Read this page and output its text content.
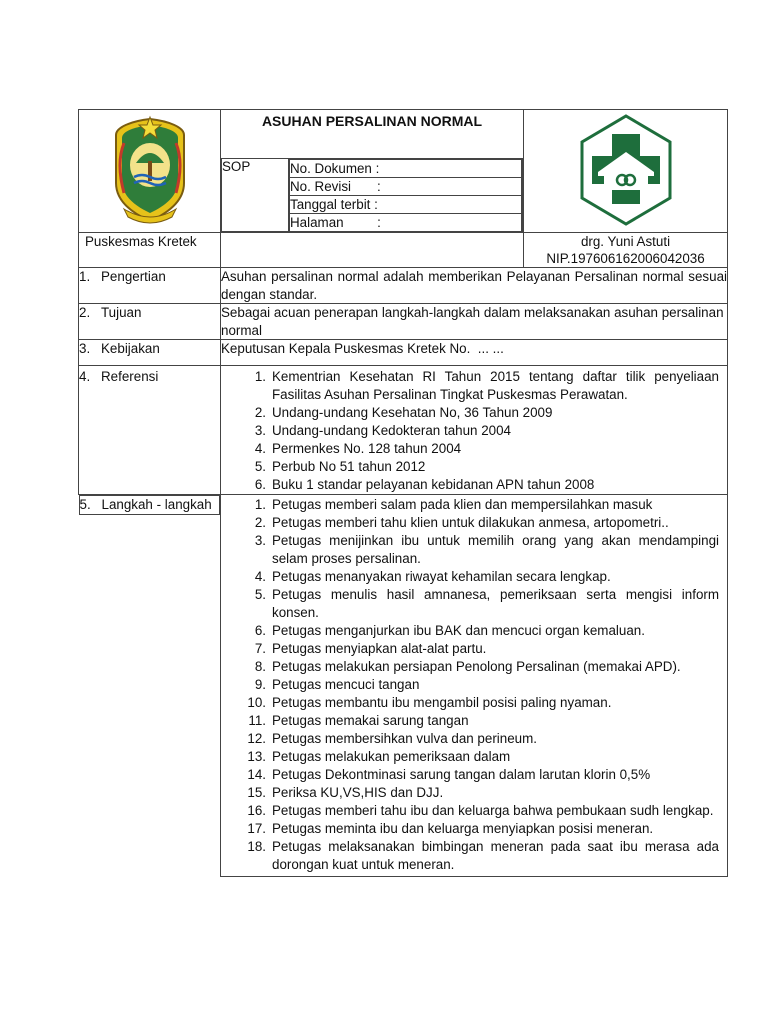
ASUHAN PERSALINAN NORMAL
SOP		No. Dokumen :
No. Revisi       :
Tanggal terbit :
Halaman         :

Puskesmas Kretek		drg. Yuni Astuti
NIP.197606162006042036

1. Pengertian	Asuhan persalinan normal adalah memberikan Pelayanan Persalinan normal sesuai dengan standar.
2. Tujuan	Sebagai acuan penerapan langkah-langkah dalam melaksanakan asuhan persalinan normal
3. Kebijakan	Keputusan Kepala Puskesmas Kretek No.  ... ...
4. Referensi	1. Kementrian Kesehatan RI Tahun 2015 tentang daftar tilik penyeliaan Fasilitas Asuhan Persalinan Tingkat Puskesmas Perawatan.
2. Undang-undang Kesehatan No, 36 Tahun 2009
3. Undang-undang Kedokteran tahun 2004
4. Permenkes No. 128 tahun 2004
5. Perbub No 51 tahun 2012
6. Buku 1 standar pelayanan kebidanan APN tahun 2008

5. Langkah - langkah	1. Petugas memberi salam pada klien dan mempersilahkan masuk
2. Petugas memberi tahu klien untuk dilakukan anmesa, artopometri..
3. Petugas menijinkan ibu untuk memilih orang yang akan mendampingi selam proses persalinan.
4. Petugas menanyakan riwayat kehamilan secara lengkap.
5. Petugas menulis hasil amnanesa, pemeriksaan serta mengisi inform konsen.
6. Petugas menganjurkan ibu BAK dan mencuci organ kemaluan.
7. Petugas menyiapkan alat-alat partu.
8. Petugas melakukan persiapan Penolong Persalinan (memakai APD).
9. Petugas mencuci tangan
10. Petugas membantu ibu mengambil posisi paling nyaman.
11. Petugas memakai sarung tangan
12. Petugas membersihkan vulva dan perineum.
13. Petugas melakukan pemeriksaan dalam
14. Petugas Dekontminasi sarung tangan dalam larutan klorin 0,5%
15. Periksa KU,VS,HIS dan DJJ.
16. Petugas memberi tahu ibu dan keluarga bahwa pembukaan sudh lengkap.
17. Petugas meminta ibu dan keluarga menyiapkan posisi meneran.
18. Petugas melaksanakan bimbingan meneran pada saat ibu merasa ada dorongan kuat untuk meneran.
